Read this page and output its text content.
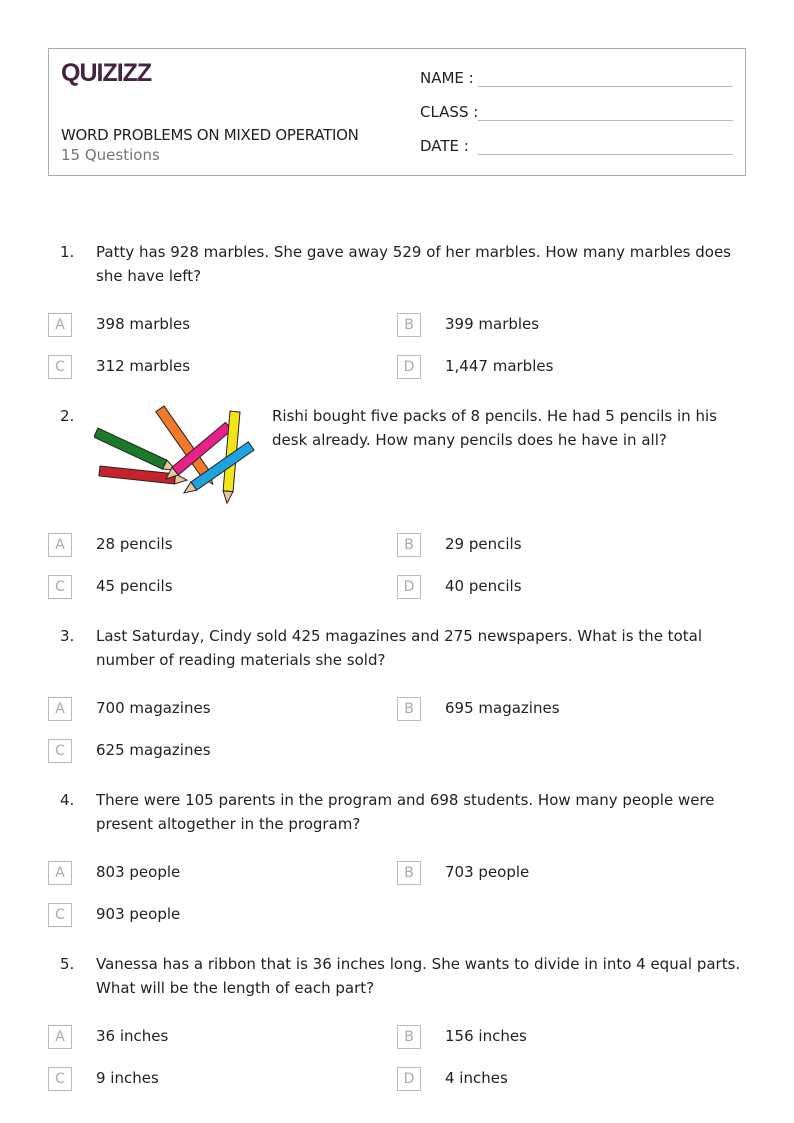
QUIZIZZ
WORD PROBLEMS ON MIXED OPERATION
15 Questions
NAME :
CLASS :
DATE :
1. Patty has 928 marbles. She gave away 529 of her marbles. How many marbles does she have left?
A	398 marbles	B	399 marbles
C	312 marbles	D	1,447 marbles
2.	Rishi bought five packs of 8 pencils. He had 5 pencils in his desk already. How many pencils does he have in all?
A	28 pencils	B	29 pencils
C	45 pencils	D	40 pencils
3. Last Saturday, Cindy sold 425 magazines and 275 newspapers. What is the total number of reading materials she sold?
A	700 magazines	B	695 magazines
C	625 magazines
4. There were 105 parents in the program and 698 students. How many people were present altogether in the program?
A	803 people	B	703 people
C	903 people
5. Vanessa has a ribbon that is 36 inches long. She wants to divide in into 4 equal parts. What will be the length of each part?
A	36 inches	B	156 inches
C	9 inches	D	4 inches
